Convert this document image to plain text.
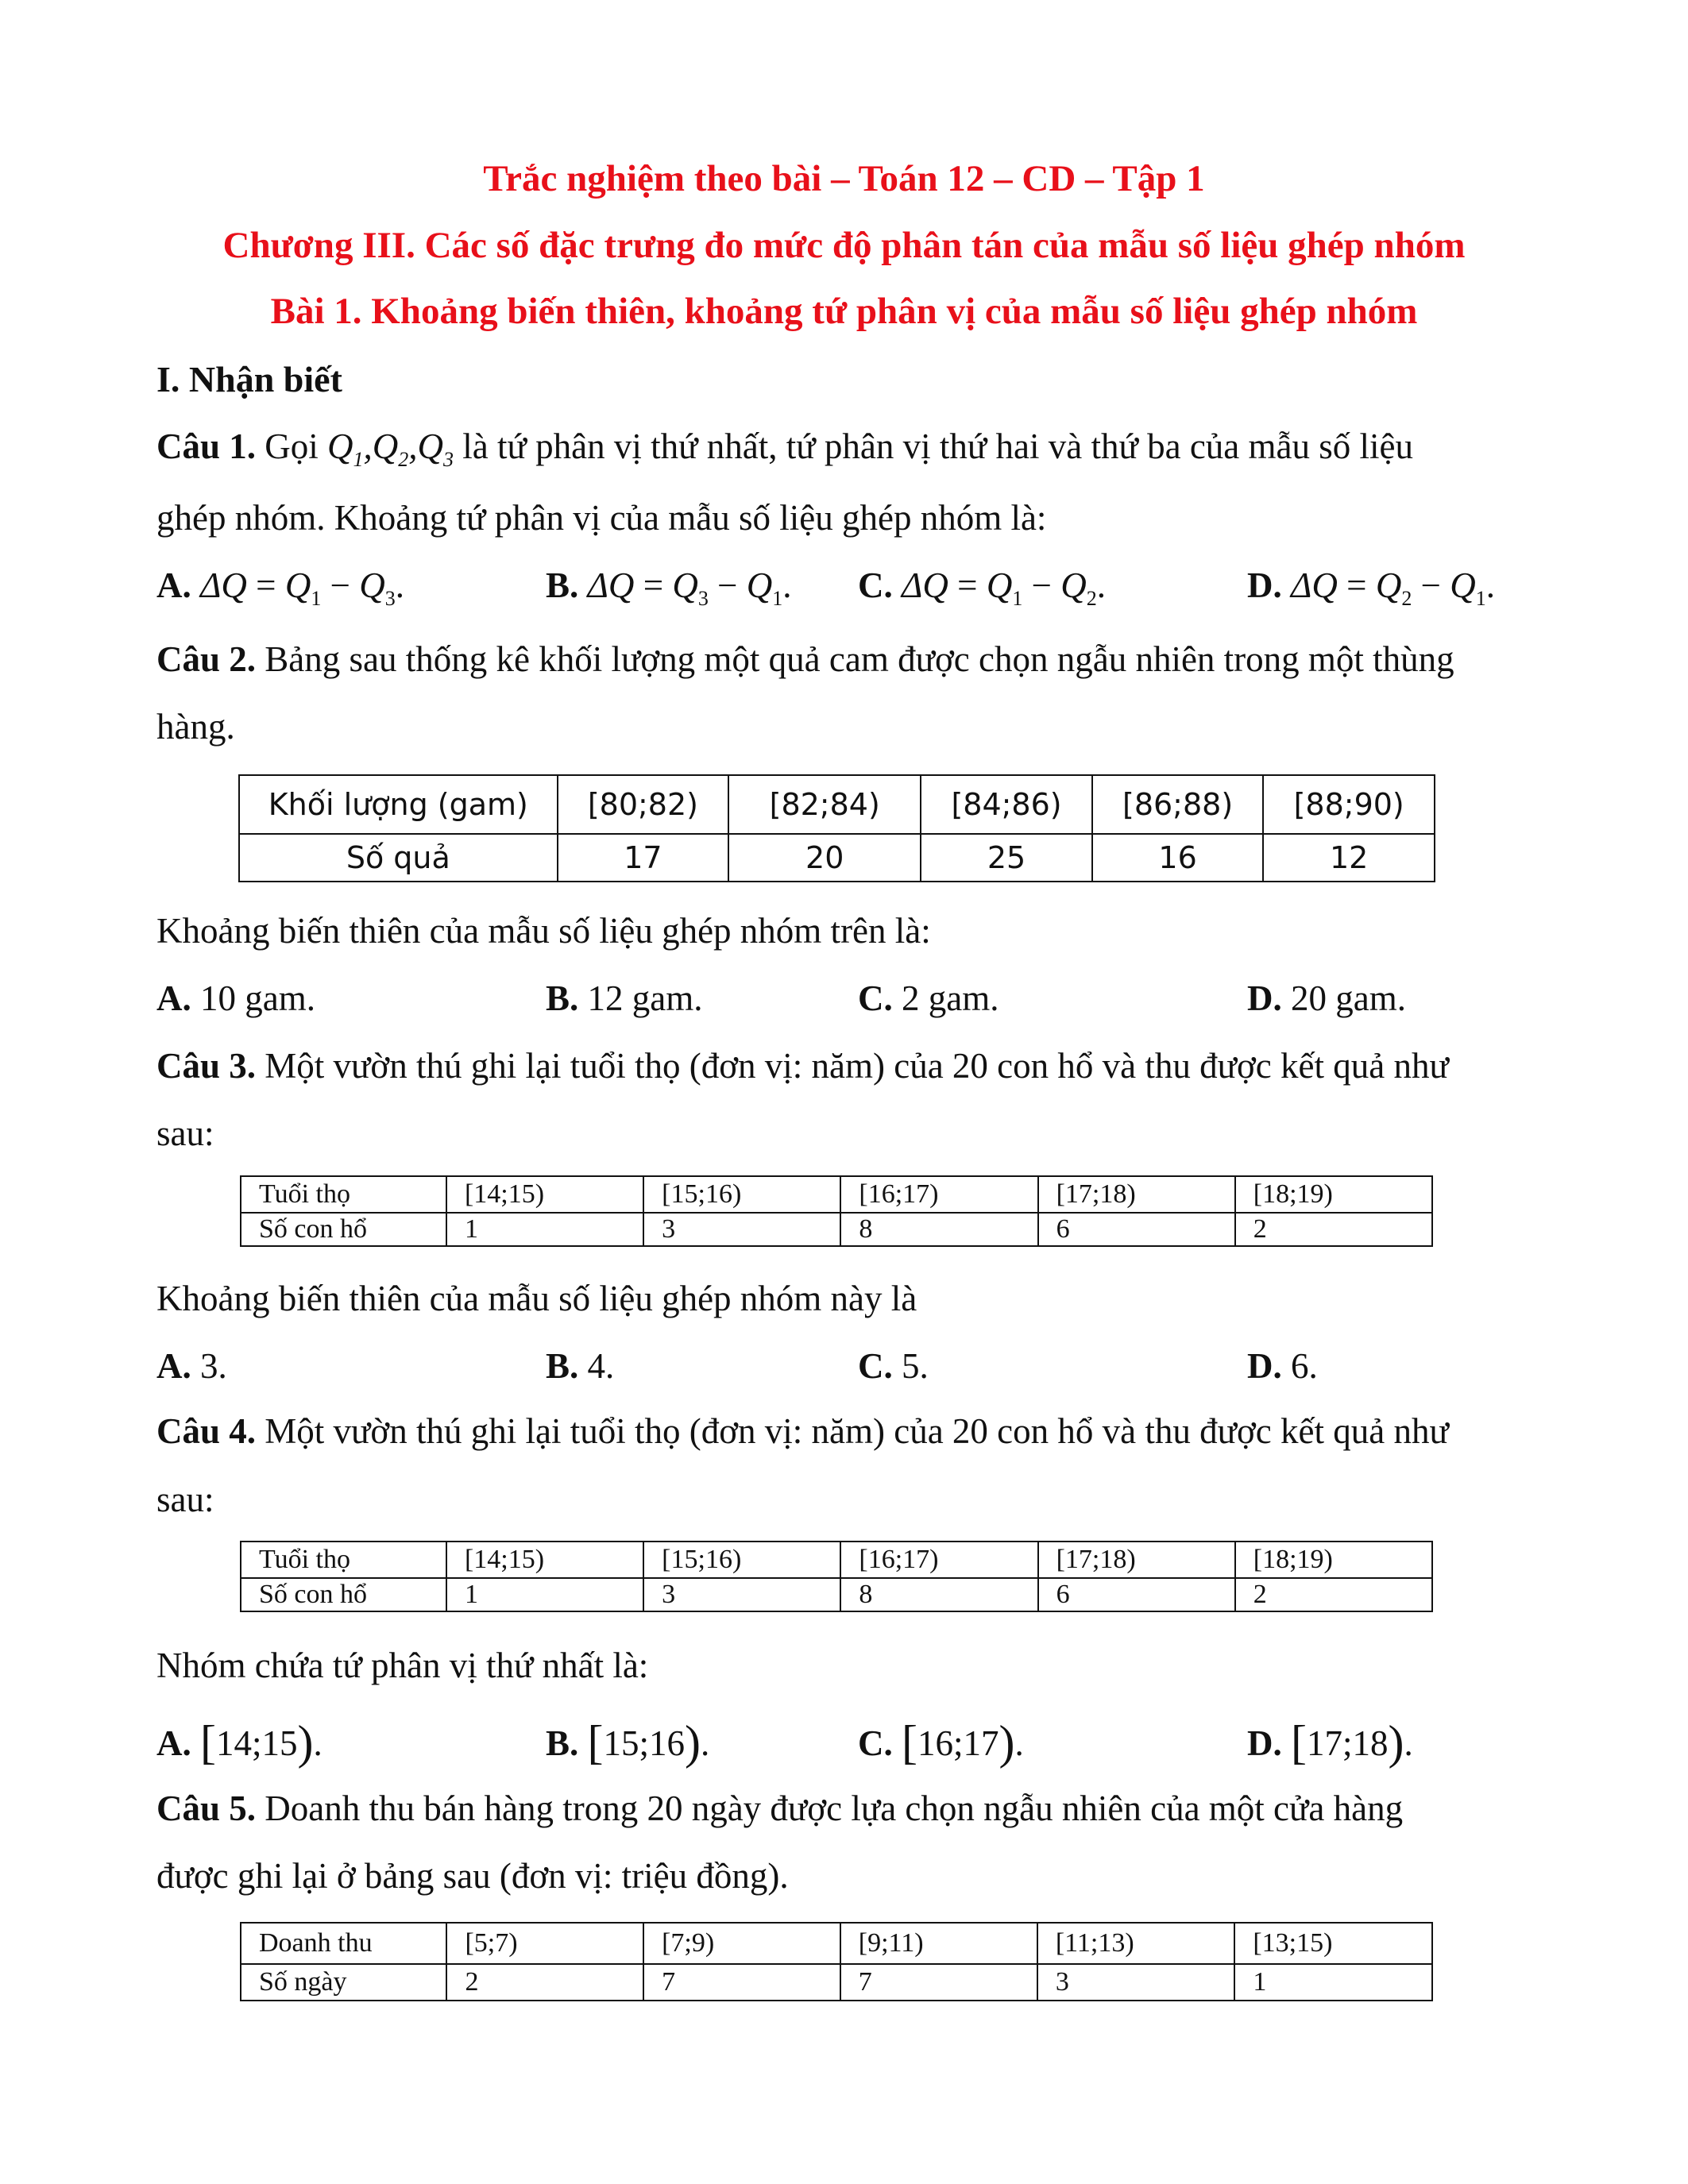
Trắc nghiệm theo bài – Toán 12 – CD – Tập 1
Chương III. Các số đặc trưng đo mức độ phân tán của mẫu số liệu ghép nhóm
Bài 1. Khoảng biến thiên, khoảng tứ phân vị của mẫu số liệu ghép nhóm
I. Nhận biết
Câu 1. Gọi $Q_1,Q_2,Q_3$ là tứ phân vị thứ nhất, tứ phân vị thứ hai và thứ ba của mẫu số liệu
ghép nhóm. Khoảng tứ phân vị của mẫu số liệu ghép nhóm là:
A. $\Delta Q = Q_1 - Q_3$.	B. $\Delta Q = Q_3 - Q_1$. C. $\Delta Q = Q_1 - Q_2$.	D. $\Delta Q = Q_2 - Q_1$.
Câu 2. Bảng sau thống kê khối lượng một quả cam được chọn ngẫu nhiên trong một thùng
hàng.
Khối lượng (gam)	[80;82)	[82;84)	[84;86)	[86;88)	[88;90)
Số quả	17	20	25	16	12
Khoảng biến thiên của mẫu số liệu ghép nhóm trên là:
A. 10 gam.	B. 12 gam.	C. 2 gam.	D. 20 gam.
Câu 3. Một vườn thú ghi lại tuổi thọ (đơn vị: năm) của 20 con hổ và thu được kết quả như
sau:
Tuổi thọ	[14;15)	[15;16)	[16;17)	[17;18)	[18;19)
Số con hổ	1	3	8	6	2
Khoảng biến thiên của mẫu số liệu ghép nhóm này là
A. 3.	B. 4.	C. 5.	D. 6.
Câu 4. Một vườn thú ghi lại tuổi thọ (đơn vị: năm) của 20 con hổ và thu được kết quả như
sau:
Tuổi thọ	[14;15)	[15;16)	[16;17)	[17;18)	[18;19)
Số con hổ	1	3	8	6	2
Nhóm chứa tứ phân vị thứ nhất là:
A. [14;15).	B. [15;16).	C. [16;17).	D. [17;18).
Câu 5. Doanh thu bán hàng trong 20 ngày được lựa chọn ngẫu nhiên của một cửa hàng
được ghi lại ở bảng sau (đơn vị: triệu đồng).
Doanh thu	[5;7)	[7;9)	[9;11)	[11;13)	[13;15)
Số ngày	2	7	7	3	1
